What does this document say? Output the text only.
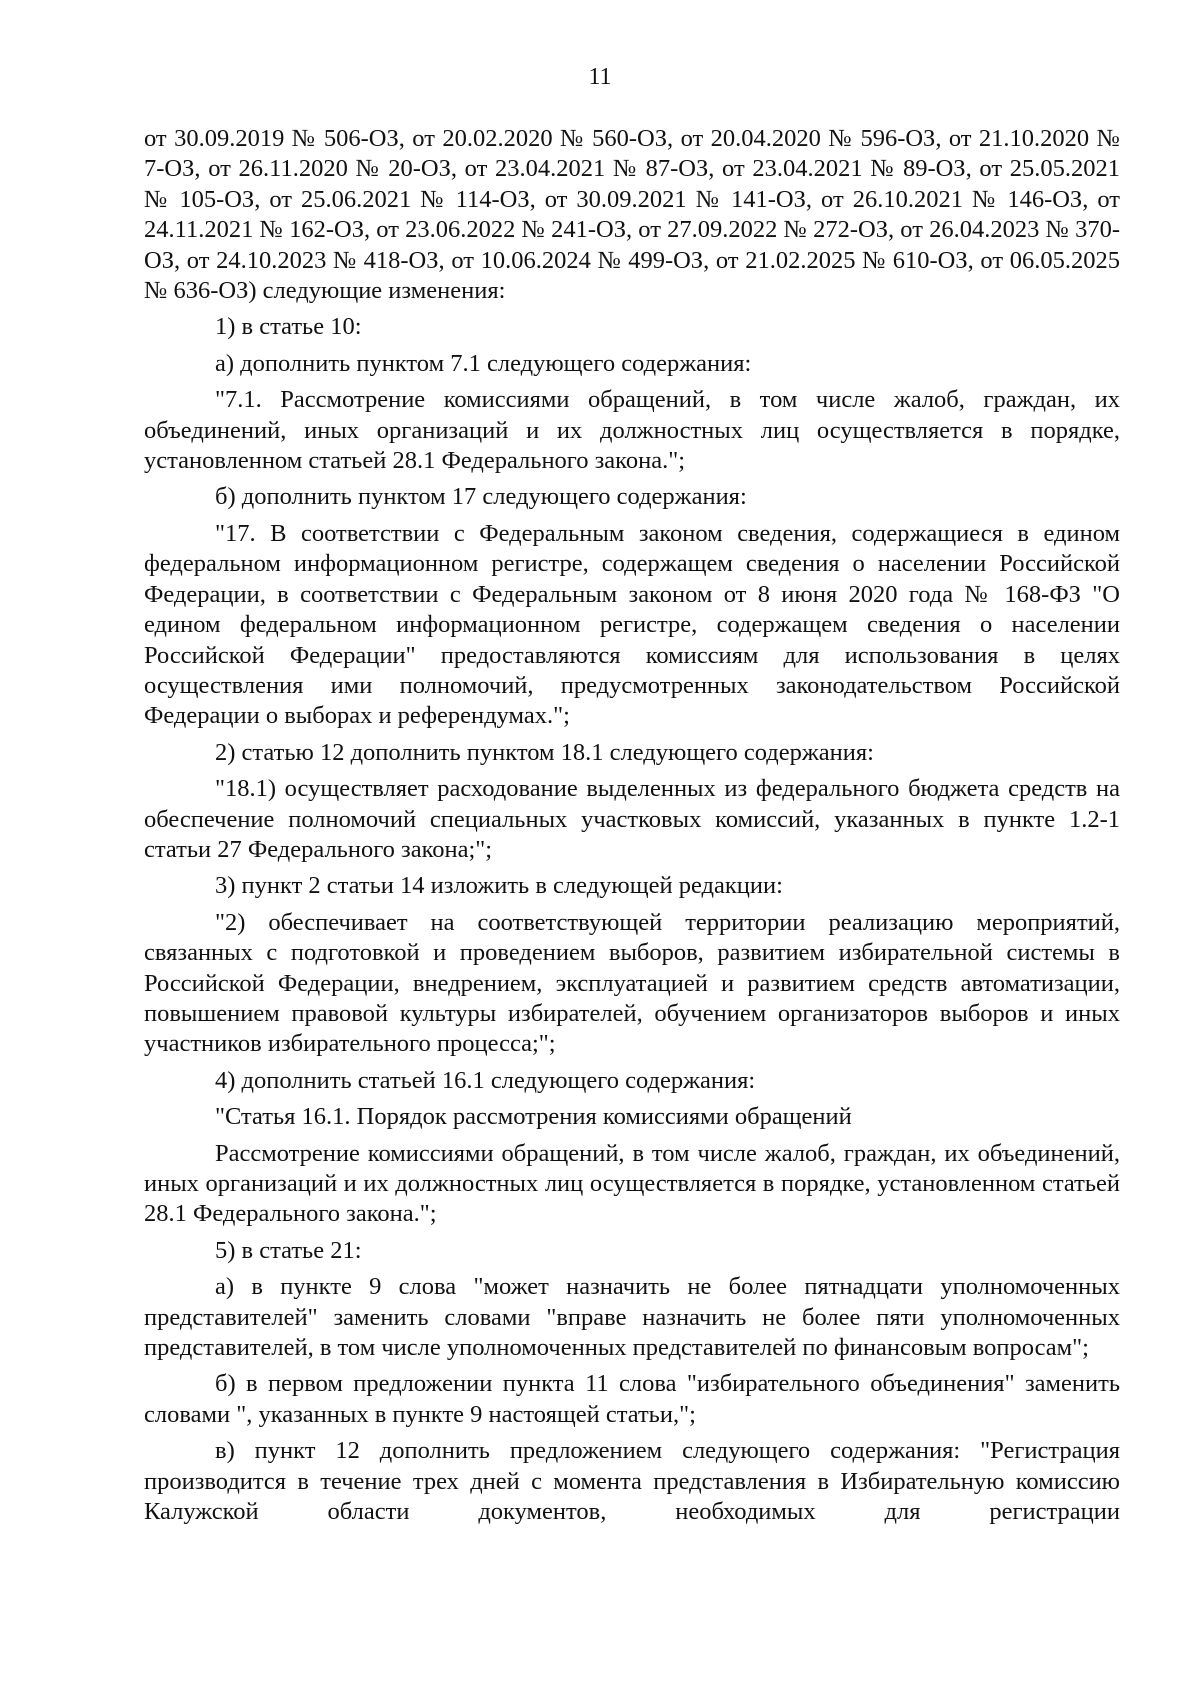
11

от 30.09.2019 № 506-ОЗ, от 20.02.2020 № 560-ОЗ, от 20.04.2020 № 596-ОЗ, от 21.10.2020 № 7-ОЗ, от 26.11.2020 № 20-ОЗ, от 23.04.2021 № 87-ОЗ, от 23.04.2021 № 89-ОЗ, от 25.05.2021 № 105-ОЗ, от 25.06.2021 № 114-ОЗ, от 30.09.2021 № 141-ОЗ, от 26.10.2021 № 146-ОЗ, от 24.11.2021 № 162-ОЗ, от 23.06.2022 № 241-ОЗ, от 27.09.2022 № 272-ОЗ, от 26.04.2023 № 370-ОЗ, от 24.10.2023 № 418-ОЗ, от 10.06.2024 № 499-ОЗ, от 21.02.2025 № 610-ОЗ, от 06.05.2025 № 636-ОЗ) следующие изменения:

1) в статье 10:

а) дополнить пунктом 7.1 следующего содержания:

"7.1. Рассмотрение комиссиями обращений, в том числе жалоб, граждан, их объединений, иных организаций и их должностных лиц осуществляется в порядке, установленном статьей 28.1 Федерального закона.";

б) дополнить пунктом 17 следующего содержания:

"17. В соответствии с Федеральным законом сведения, содержащиеся в едином федеральном информационном регистре, содержащем сведения о населении Российской Федерации, в соответствии с Федеральным законом от 8 июня 2020 года № 168-ФЗ "О едином федеральном информационном регистре, содержащем сведения о населении Российской Федерации" предоставляются комиссиям для использования в целях осуществления ими полномочий, предусмотренных законодательством Российской Федерации о выборах и референдумах.";

2) статью 12 дополнить пунктом 18.1 следующего содержания:

"18.1) осуществляет расходование выделенных из федерального бюджета средств на обеспечение полномочий специальных участковых комиссий, указанных в пункте 1.2-1 статьи 27 Федерального закона;";

3) пункт 2 статьи 14 изложить в следующей редакции:

"2) обеспечивает на соответствующей территории реализацию мероприятий, связанных с подготовкой и проведением выборов, развитием избирательной системы в Российской Федерации, внедрением, эксплуатацией и развитием средств автоматизации, повышением правовой культуры избирателей, обучением организаторов выборов и иных участников избирательного процесса;";

4) дополнить статьей 16.1 следующего содержания:

"Статья 16.1. Порядок рассмотрения комиссиями обращений

Рассмотрение комиссиями обращений, в том числе жалоб, граждан, их объединений, иных организаций и их должностных лиц осуществляется в порядке, установленном статьей 28.1 Федерального закона.";

5) в статье 21:

а) в пункте 9 слова "может назначить не более пятнадцати уполномоченных представителей" заменить словами "вправе назначить не более пяти уполномоченных представителей, в том числе уполномоченных представителей по финансовым вопросам";

б) в первом предложении пункта 11 слова "избирательного объединения" заменить словами ", указанных в пункте 9 настоящей статьи,";

в) пункт 12 дополнить предложением следующего содержания: "Регистрация производится в течение трех дней с момента представления в Избирательную комиссию Калужской области документов, необходимых для регистрации
